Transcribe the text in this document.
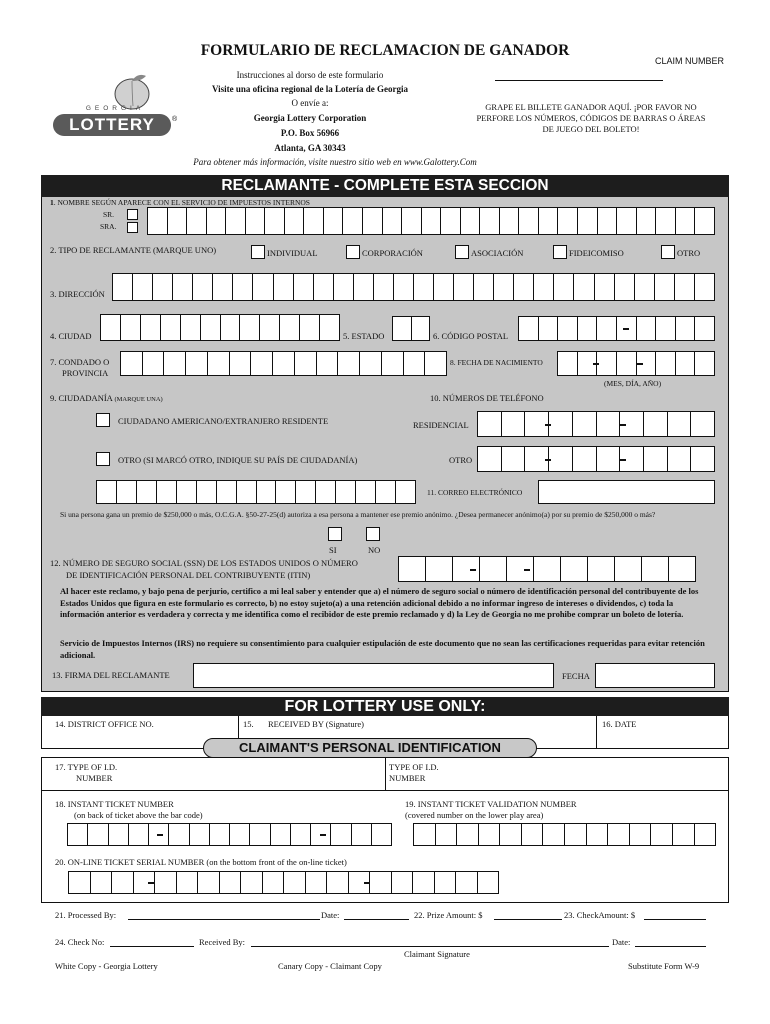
FORMULARIO DE RECLAMACION DE GANADOR
CLAIM NUMBER
Instrucciones al dorso de este formulario
Visite una oficina regional de la Lotería de Georgia
O envíe a:
Georgia Lottery Corporation
P.O. Box 56966
Atlanta, GA 30343
Para obtener más información, visite nuestro sitio web en www.Galottery.Com
GRAPE EL BILLETE GANADOR AQUÍ. ¡POR FAVOR NO PERFORE LOS NÚMEROS, CÓDIGOS DE BARRAS O ÁREAS DE JUEGO DEL BOLETO!
GEORGIA
LOTTERY	®
RECLAMANTE - COMPLETE ESTA SECCION
1. NOMBRE SEGÚN APARECE CON EL SERVICIO DE IMPUESTOS INTERNOS
SR.
SRA.
2. TIPO DE RECLAMANTE (MARQUE UNO)	INDIVIDUAL	CORPORACIÓN	ASOCIACIÓN	FIDEICOMISO	OTRO
3. DIRECCIÓN
4. CIUDAD	5. ESTADO	6. CÓDIGO POSTAL
7. CONDADO O
PROVINCIA
8. FECHA DE NACIMIENTO
(MES, DÍA, AÑO)
9. CIUDADANÍA (MARQUE UNA)	10. NÚMEROS DE TELÉFONO
CIUDADANO AMERICANO/EXTRANJERO RESIDENTE	RESIDENCIAL
OTRO (SI MARCÓ OTRO, INDIQUE SU PAÍS DE CIUDADANÍA)	OTRO
11. CORREO ELECTRÓNICO
Si una persona gana un premio de $250,000 o más, O.C.G.A. §50-27-25(d) autoriza a esa persona a mantener ese premio anónimo. ¿Desea permanecer anónimo(a) por su premio de $250,000 o más?
SI	NO
12. NÚMERO DE SEGURO SOCIAL (SSN) DE LOS ESTADOS UNIDOS O NÚMERO
DE IDENTIFICACIÓN PERSONAL DEL CONTRIBUYENTE (ITIN)
Al hacer este reclamo, y bajo pena de perjurio, certifico a mi leal saber y entender que a) el número de seguro social o número de identificación personal del contribuyente de los Estados Unidos que figura en este formulario es correcto, b) no estoy sujeto(a) a una retención adicional debido a no informar ingreso de intereses o dividendos, c) toda la información anterior es verdadera y correcta y me identifica como el recibidor de este premio reclamado y d) la Ley de Georgia no me prohibe comprar un boleto de lotería.
Servicio de Impuestos Internos (IRS) no requiere su consentimiento para cualquier estipulación de este documento que no sean las certificaciones requeridas para evitar retención adicional.
13. FIRMA DEL RECLAMANTE	FECHA
FOR LOTTERY USE ONLY:
14. DISTRICT OFFICE NO.	15. RECEIVED BY (Signature)	16. DATE
CLAIMANT'S PERSONAL IDENTIFICATION
17. TYPE OF I.D.
NUMBER
TYPE OF I.D.
NUMBER
18. INSTANT TICKET NUMBER
(on back of ticket above the bar code)
19. INSTANT TICKET VALIDATION NUMBER
(covered number on the lower play area)
20. ON-LINE TICKET SERIAL NUMBER (on the bottom front of the on-line ticket)
21. Processed By:	Date:	22. Prize Amount: $	23. CheckAmount: $
24. Check No:	Received By:	Date:
Claimant Signature
White Copy - Georgia Lottery	Canary Copy - Claimant Copy	Substitute Form W-9
